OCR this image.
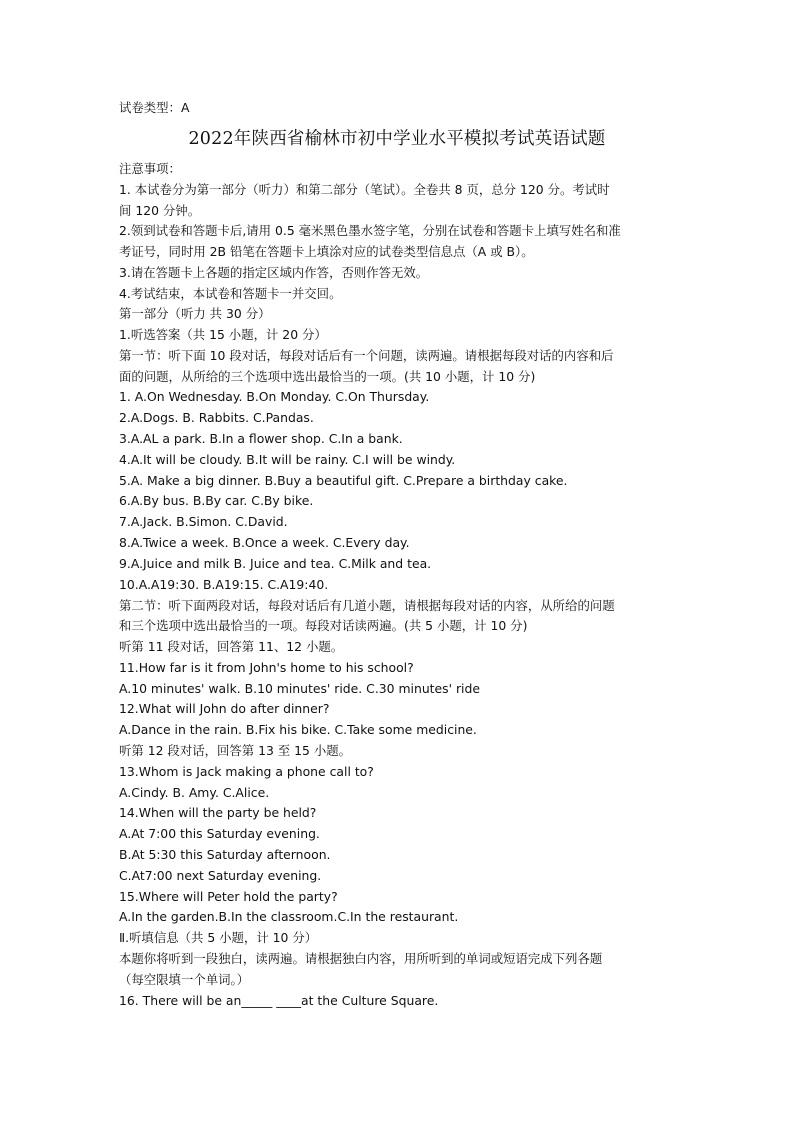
试卷类型：A
2022年陕西省榆林市初中学业水平模拟考试英语试题
注意事项：
1. 本试卷分为第一部分（听力）和第二部分（笔试）。全卷共 8 页，总分 120 分。考试时
间 120 分钟。
2.领到试卷和答题卡后,请用 0.5 毫米黑色墨水签字笔，分别在试卷和答题卡上填写姓名和准
考证号，同时用 2B 铅笔在答题卡上填涂对应的试卷类型信息点（A 或 B）。
3.请在答题卡上各题的指定区域内作答，否则作答无效。
4.考试结束，本试卷和答题卡一并交回。
第一部分（听力 共 30 分）
1.听选答案（共 15 小题，计 20 分）
第一节：听下面 10 段对话，每段对话后有一个问题，读两遍。请根据每段对话的内容和后
面的问题，从所给的三个选项中选出最恰当的一项。(共 10 小题，计 10 分)
1. A.On Wednesday. B.On Monday. C.On Thursday.
2.A.Dogs. B. Rabbits. C.Pandas.
3.A.AL a park. B.In a flower shop. C.In a bank.
4.A.It will be cloudy. B.It will be rainy. C.I will be windy.
5.A. Make a big dinner. B.Buy a beautiful gift. C.Prepare a birthday cake.
6.A.By bus. B.By car. C.By bike.
7.A.Jack. B.Simon. C.David.
8.A.Twice a week. B.Once a week. C.Every day.
9.A.Juice and milk B. Juice and tea. C.Milk and tea.
10.A.A19:30. B.A19:15. C.A19:40.
第二节：听下面两段对话，每段对话后有几道小题，请根据每段对话的内容，从所给的问题
和三个选项中选出最恰当的一项。每段对话读两遍。(共 5 小题，计 10 分)
听第 11 段对话，回答第 11、12 小题。
11.How far is it from John's home to his school?
A.10 minutes' walk. B.10 minutes' ride. C.30 minutes' ride
12.What will John do after dinner?
A.Dance in the rain. B.Fix his bike. C.Take some medicine.
听第 12 段对话，回答第 13 至 15 小题。
13.Whom is Jack making a phone call to?
A.Cindy. B. Amy. C.Alice.
14.When will the party be held?
A.At 7:00 this Saturday evening.
B.At 5:30 this Saturday afternoon.
C.At7:00 next Saturday evening.
15.Where will Peter hold the party?
A.In the garden.B.In the classroom.C.In the restaurant.
Ⅱ.听填信息（共 5 小题，计 10 分）
本题你将听到一段独白，读两遍。请根据独白内容，用所听到的单词或短语完成下列各题
（每空限填一个单词。）
16. There will be an_____ ____at the Culture Square.
